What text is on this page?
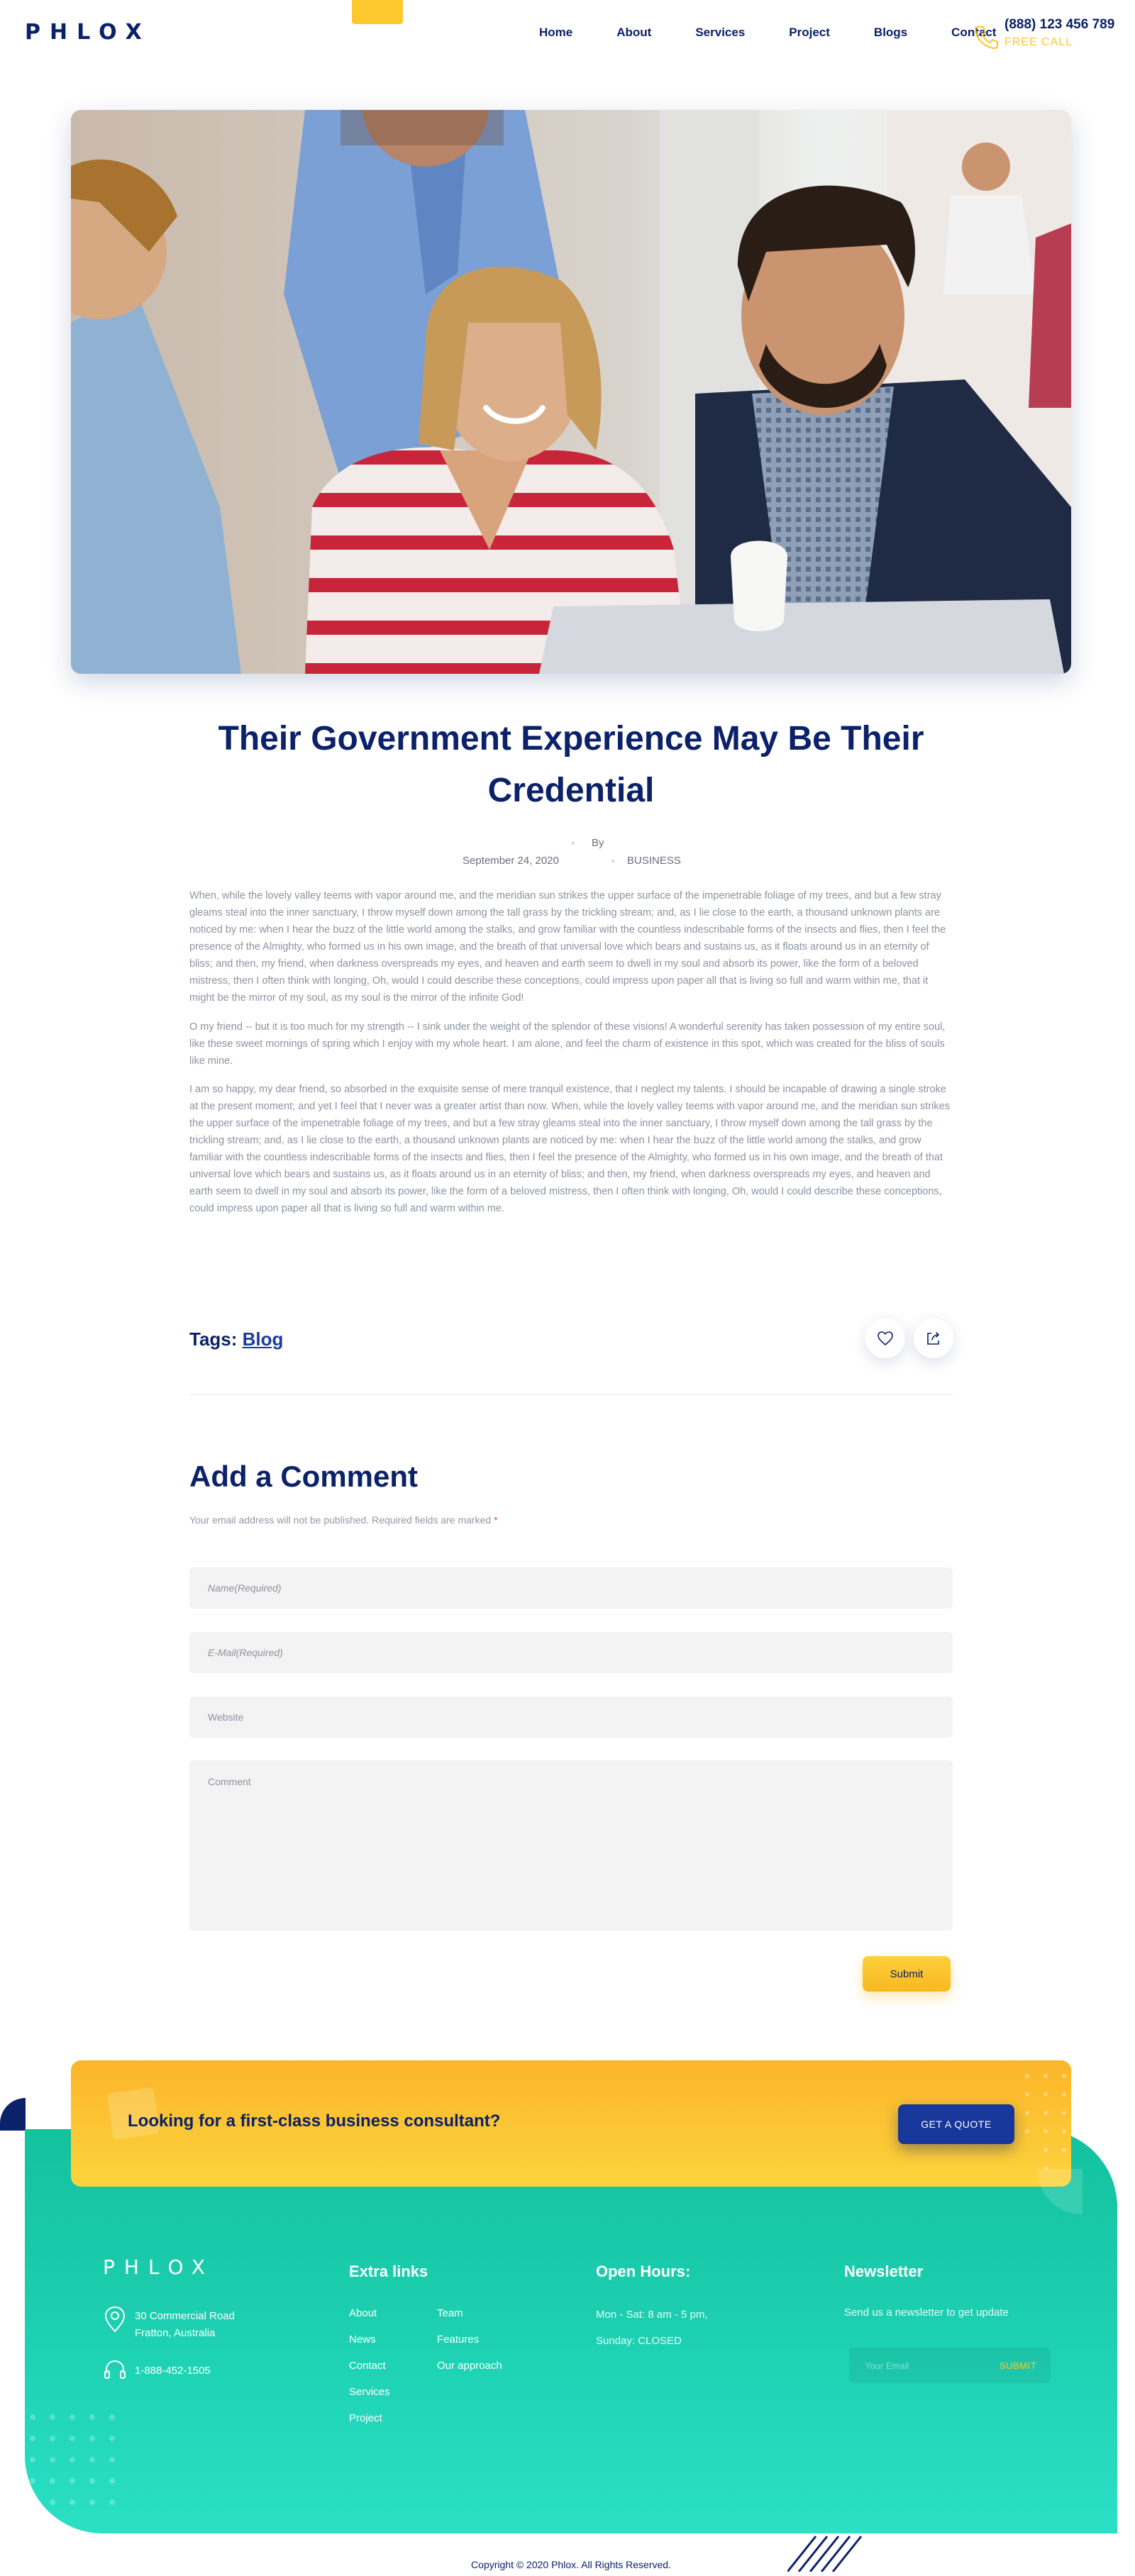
PHLOX	Home	About	Services	Project	Blogs	Contact
(888) 123 456 789
FREE CALL
Their Government Experience May Be Their Credential
By
September 24, 2020	BUSINESS

When, while the lovely valley teems with vapor around me, and the meridian sun strikes the upper surface of the impenetrable foliage of my trees, and but a few stray gleams steal into the inner sanctuary, I throw myself down among the tall grass by the trickling stream; and, as I lie close to the earth, a thousand unknown plants are noticed by me: when I hear the buzz of the little world among the stalks, and grow familiar with the countless indescribable forms of the insects and flies, then I feel the presence of the Almighty, who formed us in his own image, and the breath of that universal love which bears and sustains us, as it floats around us in an eternity of bliss; and then, my friend, when darkness overspreads my eyes, and heaven and earth seem to dwell in my soul and absorb its power, like the form of a beloved mistress, then I often think with longing, Oh, would I could describe these conceptions, could impress upon paper all that is living so full and warm within me, that it might be the mirror of my soul, as my soul is the mirror of the infinite God!

O my friend -- but it is too much for my strength -- I sink under the weight of the splendor of these visions! A wonderful serenity has taken possession of my entire soul, like these sweet mornings of spring which I enjoy with my whole heart. I am alone, and feel the charm of existence in this spot, which was created for the bliss of souls like mine.

I am so happy, my dear friend, so absorbed in the exquisite sense of mere tranquil existence, that I neglect my talents. I should be incapable of drawing a single stroke at the present moment; and yet I feel that I never was a greater artist than now. When, while the lovely valley teems with vapor around me, and the meridian sun strikes the upper surface of the impenetrable foliage of my trees, and but a few stray gleams steal into the inner sanctuary, I throw myself down among the tall grass by the trickling stream; and, as I lie close to the earth, a thousand unknown plants are noticed by me: when I hear the buzz of the little world among the stalks, and grow familiar with the countless indescribable forms of the insects and flies, then I feel the presence of the Almighty, who formed us in his own image, and the breath of that universal love which bears and sustains us, as it floats around us in an eternity of bliss; and then, my friend, when darkness overspreads my eyes, and heaven and earth seem to dwell in my soul and absorb its power, like the form of a beloved mistress, then I often think with longing, Oh, would I could describe these conceptions, could impress upon paper all that is living so full and warm within me.

Tags: Blog
Add a Comment
Your email address will not be published. Required fields are marked *
Name(Required)
E-Mail(Required)
Website
Comment
Submit
Looking for a first-class business consultant?	GET A QUOTE
PHLOX
30 Commercial Road
Fratton, Australia
1-888-452-1505
Extra links
About
News
Contact
Services
Project
Team
Features
Our approach
Open Hours:
Mon - Sat: 8 am - 5 pm,
Sunday: CLOSED
Newsletter
Send us a newsletter to get update
Your Email
SUBMIT
Copyright © 2020 Phlox. All Rights Reserved.
